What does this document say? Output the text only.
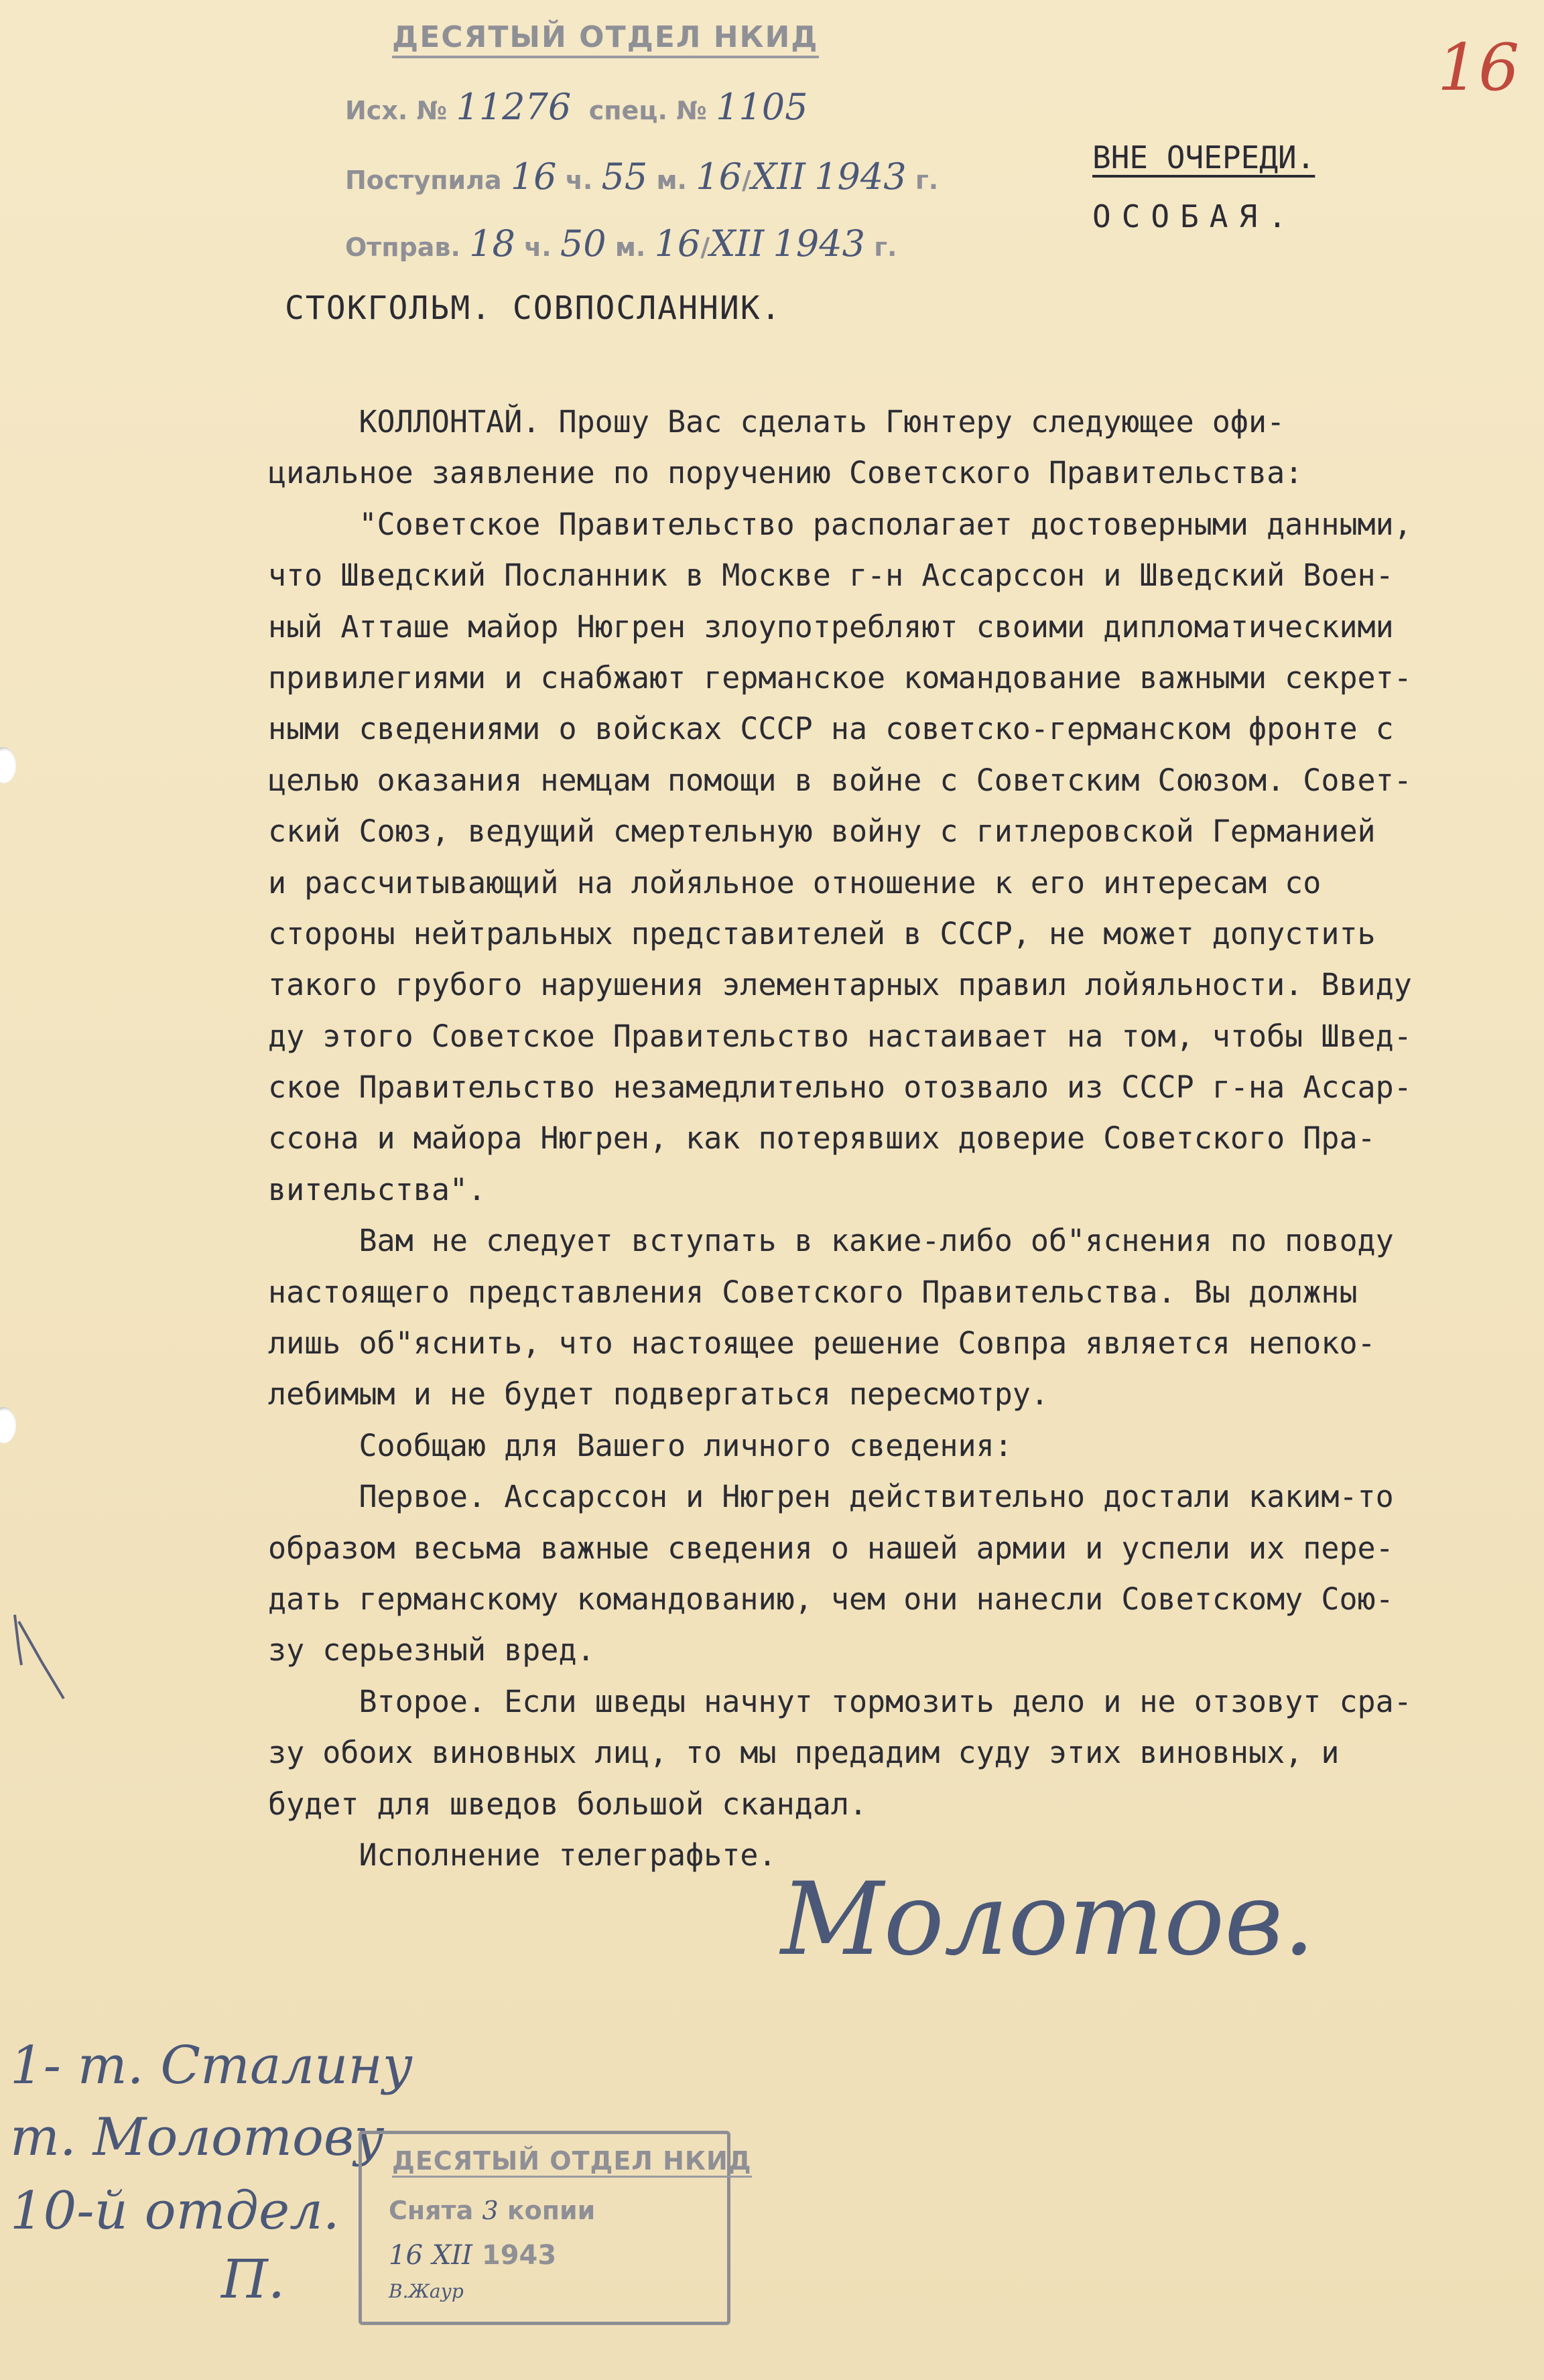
ДЕСЯТЫЙ ОТДЕЛ НКИД
Исх. № 11276 спец. № 1105
Поступила 16 ч. 55 м. 16/XII 1943 г.
Отправ. 18 ч. 50 м. 16/XII 1943 г.
16
ВНЕ ОЧЕРЕДИ.
ОСОБАЯ.
СТОКГОЛЬМ. СОВПОСЛАННИК.
КОЛЛОНТАЙ. Прошу Вас сделать Гюнтеру следующее офи-
циальное заявление по поручению Советского Правительства:
"Советское Правительство располагает достоверными данными,
что Шведский Посланник в Москве г-н Ассарссон и Шведский Воен-
ный Атташе майор Нюгрен злоупотребляют своими дипломатическими
привилегиями и снабжают германское командование важными секрет-
ными сведениями о войсках СССР на советско-германском фронте с
целью оказания немцам помощи в войне с Советским Союзом. Совет-
ский Союз, ведущий смертельную войну с гитлеровской Германией
и рассчитывающий на лойяльное отношение к его интересам со
стороны нейтральных представителей в СССР, не может допустить
такого грубого нарушения элементарных правил лойяльности. Ввиду
ду этого Советское Правительство настаивает на том, чтобы Швед-
ское Правительство незамедлительно отозвало из СССР г-на Ассар-
ссона и майора Нюгрен, как потерявших доверие Советского Пра-
вительства".
Вам не следует вступать в какие-либо об"яснения по поводу
настоящего представления Советского Правительства. Вы должны
лишь об"яснить, что настоящее решение Совпра является непоко-
лебимым и не будет подвергаться пересмотру.
Сообщаю для Вашего личного сведения:
Первое. Ассарссон и Нюгрен действительно достали каким-то
образом весьма важные сведения о нашей армии и успели их пере-
дать германскому командованию, чем они нанесли Советскому Сою-
зу серьезный вред.
Второе. Если шведы начнут тормозить дело и не отзовут сра-
зу обоих виновных лиц, то мы предадим суду этих виновных, и
будет для шведов большой скандал.
Исполнение телеграфьте.
Молотов.
1- т. Сталину
т. Молотову
10-й отдел.
П.
ДЕСЯТЫЙ ОТДЕЛ НКИД
Снята 3 копии
16 XII 1943
В.Жаур
